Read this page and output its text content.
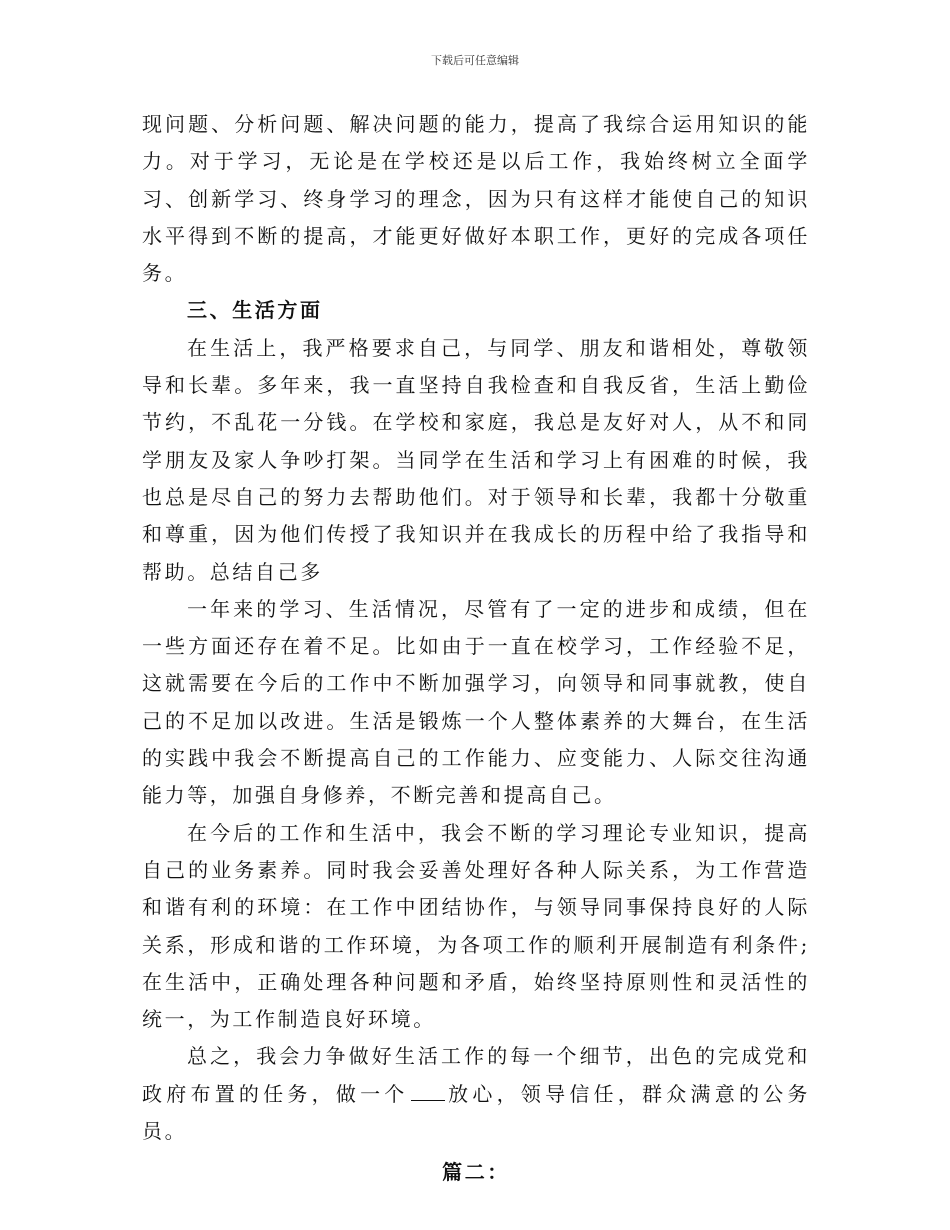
下载后可任意编辑

现问题、分析问题、解决问题的能力，提高了我综合运用知识的能力。对于学习，无论是在学校还是以后工作，我始终树立全面学习、创新学习、终身学习的理念，因为只有这样才能使自己的知识水平得到不断的提高，才能更好做好本职工作，更好的完成各项任务。

三、生活方面

在生活上，我严格要求自己，与同学、朋友和谐相处，尊敬领导和长辈。多年来，我一直坚持自我检查和自我反省，生活上勤俭节约，不乱花一分钱。在学校和家庭，我总是友好对人，从不和同学朋友及家人争吵打架。当同学在生活和学习上有困难的时候，我也总是尽自己的努力去帮助他们。对于领导和长辈，我都十分敬重和尊重，因为他们传授了我知识并在我成长的历程中给了我指导和帮助。总结自己多

一年来的学习、生活情况，尽管有了一定的进步和成绩，但在一些方面还存在着不足。比如由于一直在校学习，工作经验不足，这就需要在今后的工作中不断加强学习，向领导和同事就教，使自己的不足加以改进。生活是锻炼一个人整体素养的大舞台，在生活的实践中我会不断提高自己的工作能力、应变能力、人际交往沟通能力等，加强自身修养，不断完善和提高自己。

在今后的工作和生活中，我会不断的学习理论专业知识，提高自己的业务素养。同时我会妥善处理好各种人际关系，为工作营造和谐有利的环境：在工作中团结协作，与领导同事保持良好的人际关系，形成和谐的工作环境，为各项工作的顺利开展制造有利条件;在生活中，正确处理各种问题和矛盾，始终坚持原则性和灵活性的统一，为工作制造良好环境。

总之，我会力争做好生活工作的每一个细节，出色的完成党和政府布置的任务，做一个 放心，领导信任，群众满意的公务员。

篇二：
